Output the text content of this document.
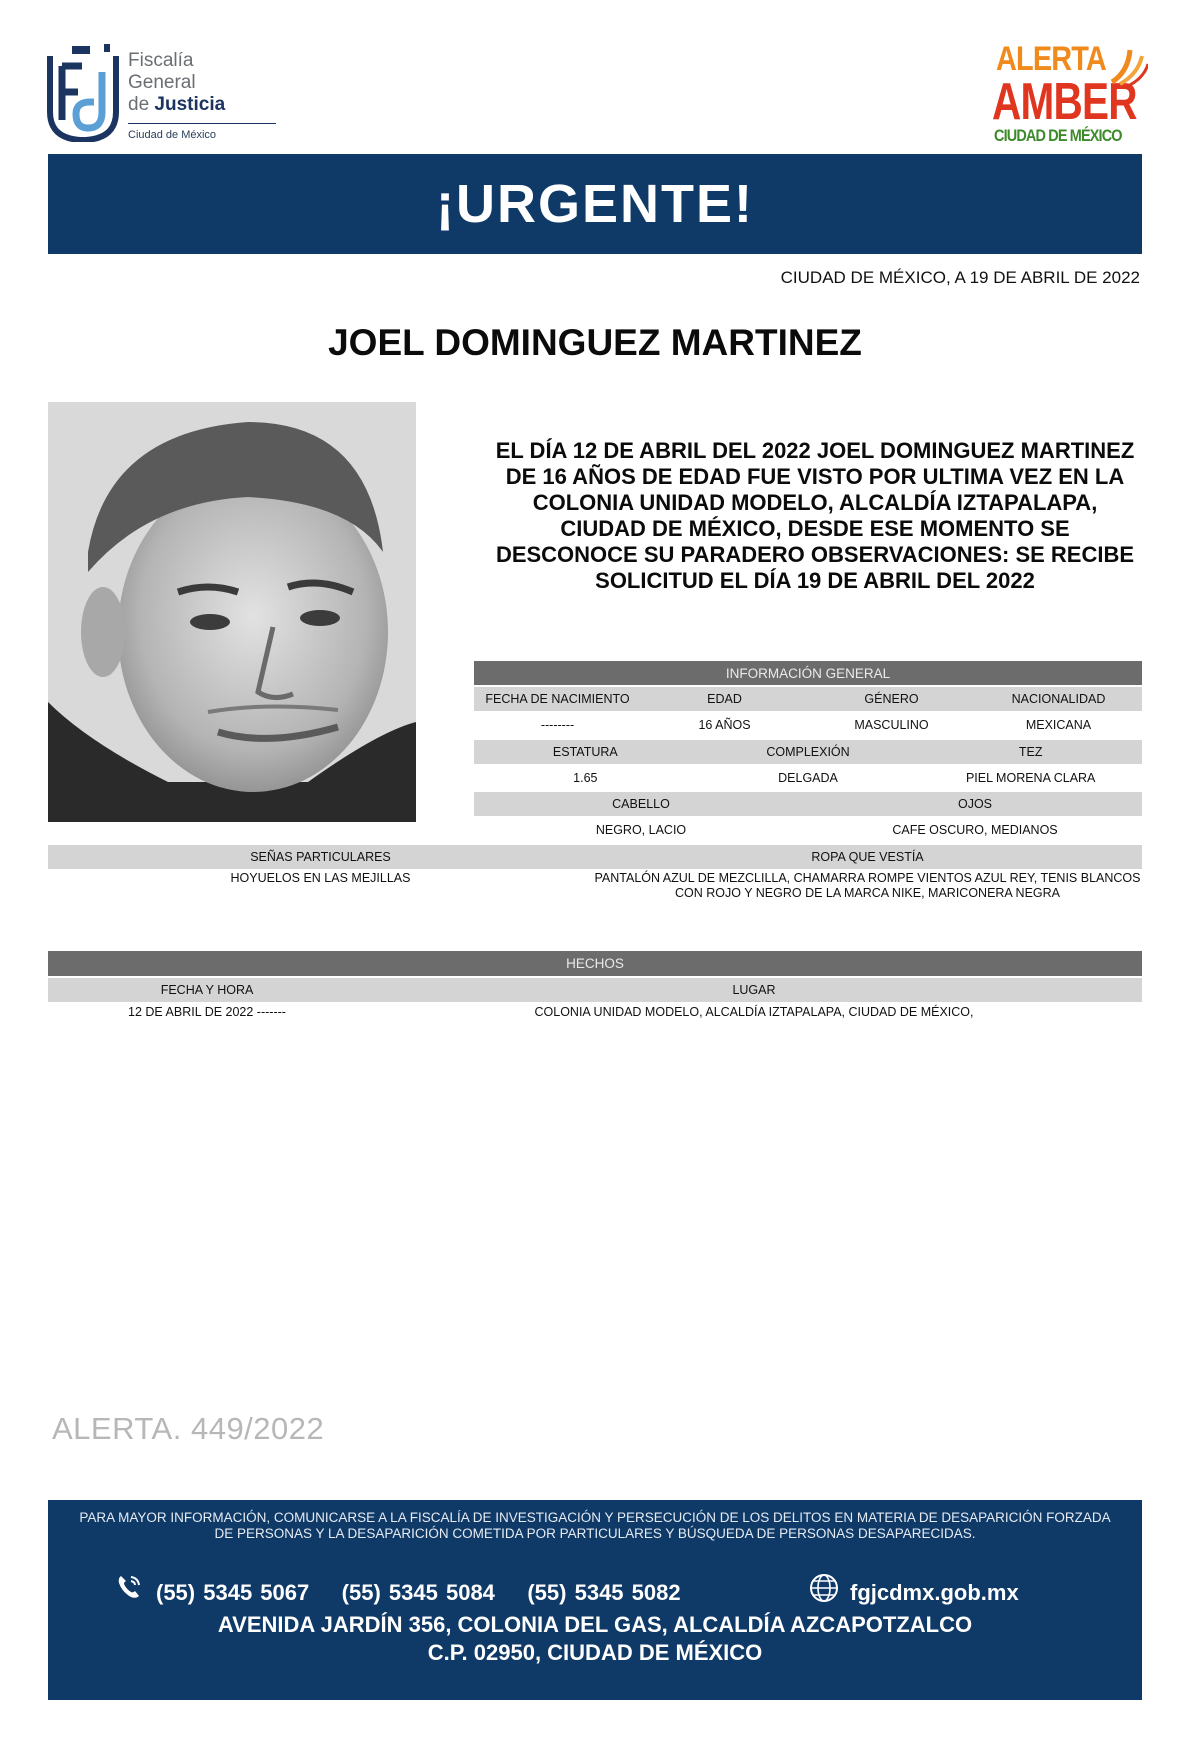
Fiscalía
General
de Justicia
Ciudad de México
ALERTA
AMBER
CIUDAD DE MÉXICO
¡URGENTE!
CIUDAD DE MÉXICO, A 19 DE ABRIL DE 2022
JOEL DOMINGUEZ MARTINEZ
EL DÍA 12 DE ABRIL DEL 2022 JOEL DOMINGUEZ MARTINEZ DE 16 AÑOS DE EDAD FUE VISTO POR ULTIMA VEZ EN LA COLONIA UNIDAD MODELO, ALCALDÍA IZTAPALAPA, CIUDAD DE MÉXICO, DESDE ESE MOMENTO SE DESCONOCE SU PARADERO OBSERVACIONES: SE RECIBE SOLICITUD EL DÍA 19 DE ABRIL DEL 2022
INFORMACIÓN GENERAL
FECHA DE NACIMIENTO	EDAD	GÉNERO	NACIONALIDAD
--------	16 AÑOS	MASCULINO	MEXICANA
ESTATURA	COMPLEXIÓN	TEZ
1.65	DELGADA	PIEL MORENA CLARA
CABELLO	OJOS
NEGRO, LACIO	CAFE OSCURO, MEDIANOS
SEÑAS PARTICULARES	ROPA QUE VESTÍA
HOYUELOS EN LAS MEJILLAS	PANTALÓN AZUL DE MEZCLILLA, CHAMARRA ROMPE VIENTOS AZUL REY, TENIS BLANCOS CON ROJO Y NEGRO DE LA MARCA NIKE, MARICONERA NEGRA
HECHOS
FECHA Y HORA	LUGAR
12 DE ABRIL DE 2022 -------	COLONIA UNIDAD MODELO, ALCALDÍA IZTAPALAPA, CIUDAD DE MÉXICO,
ALERTA. 449/2022
PARA MAYOR INFORMACIÓN, COMUNICARSE A LA FISCALÍA DE INVESTIGACIÓN Y PERSECUCIÓN DE LOS DELITOS EN MATERIA DE DESAPARICIÓN FORZADA DE PERSONAS Y LA DESAPARICIÓN COMETIDA POR PARTICULARES Y BÚSQUEDA DE PERSONAS DESAPARECIDAS.
(55) 5345 5067    (55) 5345 5084    (55) 5345 5082	fgjcdmx.gob.mx
AVENIDA JARDÍN 356, COLONIA DEL GAS, ALCALDÍA AZCAPOTZALCO
C.P. 02950, CIUDAD DE MÉXICO
